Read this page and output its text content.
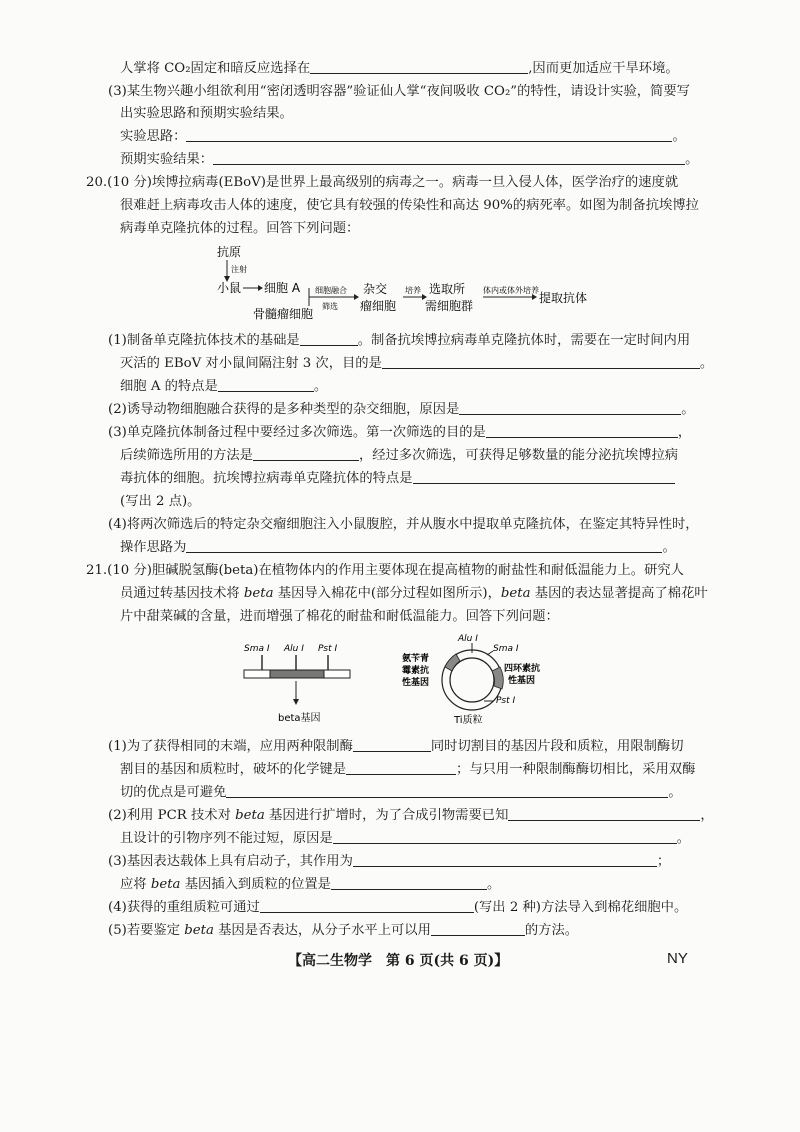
人掌将 CO₂固定和暗反应选择在	,因而更加适应干旱环境。
(3)某生物兴趣小组欲利用“密闭透明容器”验证仙人掌“夜间吸收 CO₂”的特性，请设计实验，简要写
出实验思路和预期实验结果。
实验思路：	。
预期实验结果：	。
20.(10 分)埃博拉病毒(EBoV)是世界上最高级别的病毒之一。病毒一旦入侵人体，医学治疗的速度就
很难赶上病毒攻击人体的速度，使它具有较强的传染性和高达 90%的病死率。如图为制备抗埃博拉
病毒单克隆抗体的过程。回答下列问题：
抗原
注射
小鼠 细胞 A 细胞融合
筛选
杂交
瘤细胞
培养 选取所
需细胞群
体内或体外培养
提取抗体
骨髓瘤细胞
(1)制备单克隆抗体技术的基础是	。制备抗埃博拉病毒单克隆抗体时，需要在一定时间内用
灭活的 EBoV 对小鼠间隔注射 3 次，目的是	。
细胞 A 的特点是	。
(2)诱导动物细胞融合获得的是多种类型的杂交细胞，原因是	。
(3)单克隆抗体制备过程中要经过多次筛选。第一次筛选的目的是	，
后续筛选所用的方法是	，经过多次筛选，可获得足够数量的能分泌抗埃博拉病
毒抗体的细胞。抗埃博拉病毒单克隆抗体的特点是
(写出 2 点)。
(4)将两次筛选后的特定杂交瘤细胞注入小鼠腹腔，并从腹水中提取单克隆抗体，在鉴定其特异性时，
操作思路为	。
21.(10 分)胆碱脱氢酶(beta)在植物体内的作用主要体现在提高植物的耐盐性和耐低温能力上。研究人
员通过转基因技术将 beta 基因导入棉花中(部分过程如图所示)，beta 基因的表达显著提高了棉花叶
片中甜菜碱的含量，进而增强了棉花的耐盐和耐低温能力。回答下列问题：
Sma Ⅰ Alu Ⅰ Pst Ⅰ
beta基因
Alu Ⅰ
Sma Ⅰ
Pst Ⅰ
氨苄青
霉素抗
性基因
四环素抗
性基因
Ti质粒
(1)为了获得相同的末端，应用两种限制酶	同时切割目的基因片段和质粒，用限制酶切
割目的基因和质粒时，破坏的化学键是	；与只用一种限制酶酶切相比，采用双酶
切的优点是可避免	。
(2)利用 PCR 技术对 beta 基因进行扩增时，为了合成引物需要已知	，
且设计的引物序列不能过短，原因是	。
(3)基因表达载体上具有启动子，其作用为	；
应将 beta 基因插入到质粒的位置是	。
(4)获得的重组质粒可通过	(写出 2 种)方法导入到棉花细胞中。
(5)若要鉴定 beta 基因是否表达，从分子水平上可以用	的方法。
【高二生物学　第 6 页(共 6 页)】	NY
